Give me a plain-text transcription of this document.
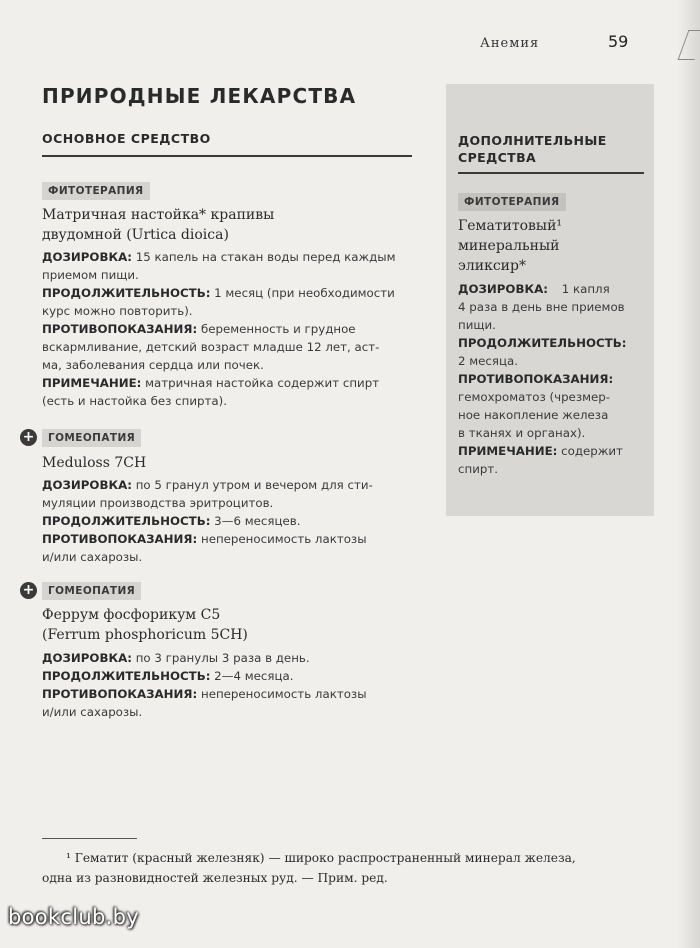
Анемия	59
ПРИРОДНЫЕ ЛЕКАРСТВА
ОСНОВНОЕ СРЕДСТВО
ФИТОТЕРАПИЯ
Матричная настойка* крапивы
двудомной (Urtica dioica)
ДОЗИРОВКА: 15 капель на стакан воды перед каждым
приемом пищи.
ПРОДОЛЖИТЕЛЬНОСТЬ: 1 месяц (при необходимости
курс можно повторить).
ПРОТИВОПОКАЗАНИЯ: беременность и грудное
вскармливание, детский возраст младше 12 лет, аст-
ма, заболевания сердца или почек.
ПРИМЕЧАНИЕ: матричная настойка содержит спирт
(есть и настойка без спирта).
+	ГОМЕОПАТИЯ
Meduloss 7CH
ДОЗИРОВКА: по 5 гранул утром и вечером для сти-
муляции производства эритроцитов.
ПРОДОЛЖИТЕЛЬНОСТЬ: 3—6 месяцев.
ПРОТИВОПОКАЗАНИЯ: непереносимость лактозы
и/или сахарозы.
+	ГОМЕОПАТИЯ
Феррум фосфорикум С5
(Ferrum phosphoricum 5CH)
ДОЗИРОВКА: по 3 гранулы 3 раза в день.
ПРОДОЛЖИТЕЛЬНОСТЬ: 2—4 месяца.
ПРОТИВОПОКАЗАНИЯ: непереносимость лактозы
и/или сахарозы.
ДОПОЛНИТЕЛЬНЫЕ
СРЕДСТВА
ФИТОТЕРАПИЯ
Гематитовый¹
минеральный
эликсир*
ДОЗИРОВКА: 1 капля
4 раза в день вне приемов
пищи.
ПРОДОЛЖИТЕЛЬНОСТЬ:
2 месяца.
ПРОТИВОПОКАЗАНИЯ:
гемохроматоз (чрезмер-
ное накопление железа
в тканях и органах).
ПРИМЕЧАНИЕ: содержит
спирт.
¹ Гематит (красный железняк) — широко распространенный минерал железа,
одна из разновидностей железных руд. — Прим. ред.
bookclub.by
